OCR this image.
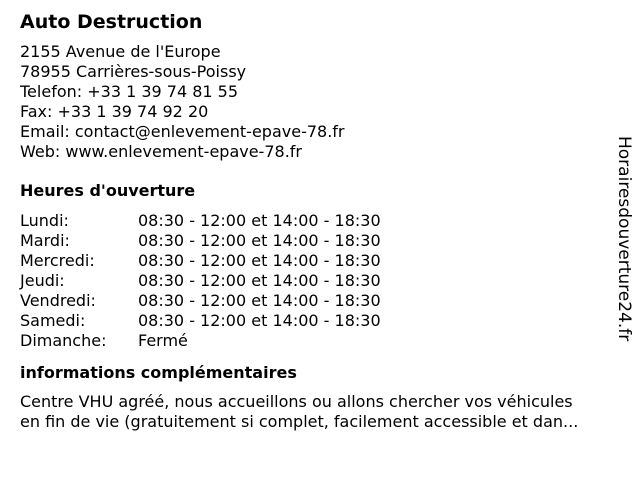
Auto Destruction
2155 Avenue de l'Europe
78955 Carrières-sous-Poissy
Telefon: +33 1 39 74 81 55
Fax: +33 1 39 74 92 20
Email: contact@enlevement-epave-78.fr
Web: www.enlevement-epave-78.fr
Heures d'ouverture
Lundi:	08:30 - 12:00 et 14:00 - 18:30
Mardi:	08:30 - 12:00 et 14:00 - 18:30
Mercredi:	08:30 - 12:00 et 14:00 - 18:30
Jeudi:	08:30 - 12:00 et 14:00 - 18:30
Vendredi:	08:30 - 12:00 et 14:00 - 18:30
Samedi:	08:30 - 12:00 et 14:00 - 18:30
Dimanche:	Fermé
informations complémentaires
Centre VHU agréé, nous accueillons ou allons chercher vos véhicules
en fin de vie (gratuitement si complet, facilement accessible et dan...
Horairesdouverture24.fr
